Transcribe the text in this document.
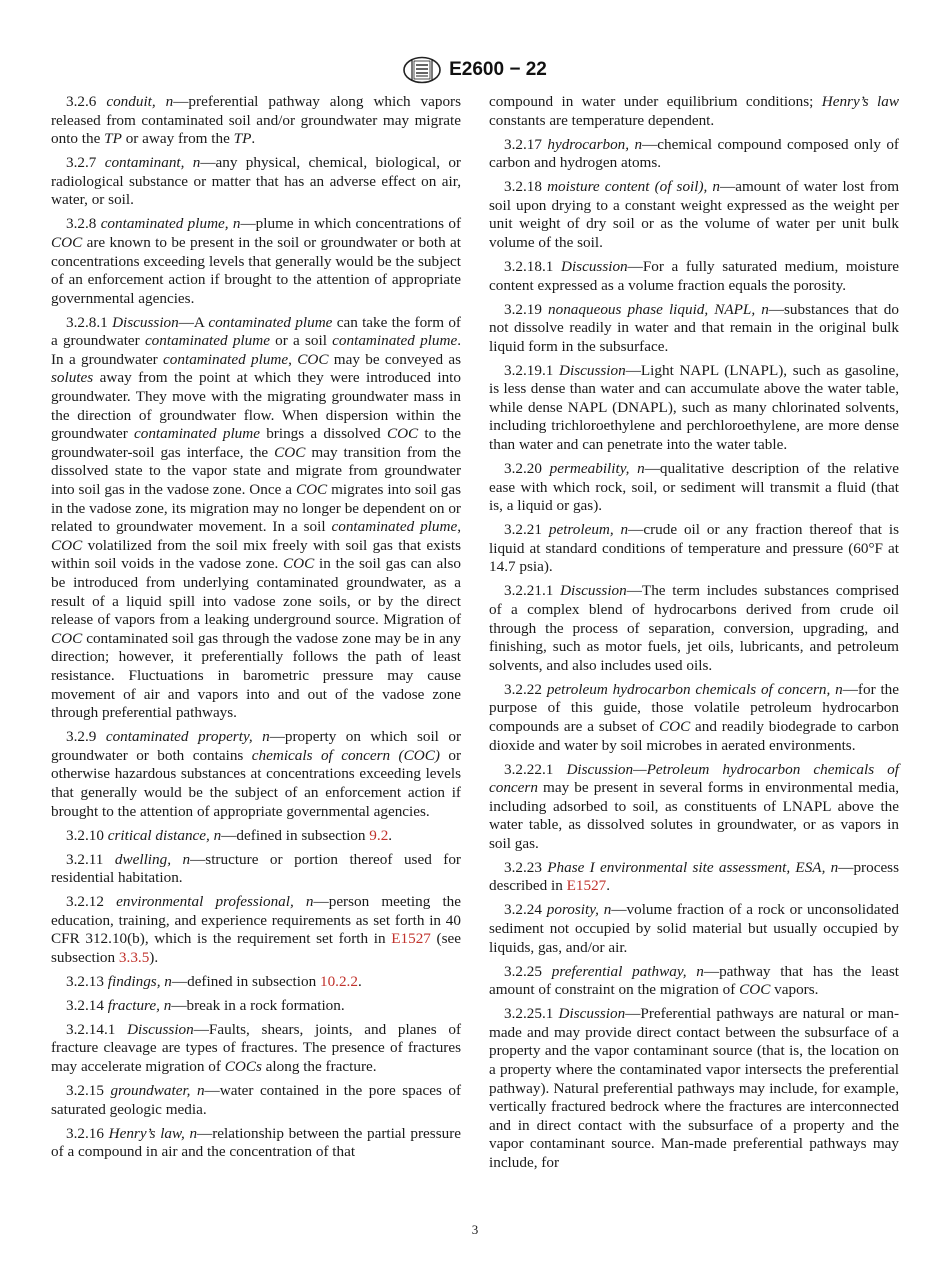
E2600 − 22

3.2.6 conduit, n—preferential pathway along which vapors released from contaminated soil and/or groundwater may migrate onto the TP or away from the TP.

3.2.7 contaminant, n—any physical, chemical, biological, or radiological substance or matter that has an adverse effect on air, water, or soil.

3.2.8 contaminated plume, n—plume in which concentrations of COC are known to be present in the soil or groundwater or both at concentrations exceeding levels that generally would be the subject of an enforcement action if brought to the attention of appropriate governmental agencies.

3.2.8.1 Discussion—A contaminated plume can take the form of a groundwater contaminated plume or a soil contaminated plume. In a groundwater contaminated plume, COC may be conveyed as solutes away from the point at which they were introduced into groundwater. They move with the migrating groundwater mass in the direction of groundwater flow. When dispersion within the groundwater contaminated plume brings a dissolved COC to the groundwater-soil gas interface, the COC may transition from the dissolved state to the vapor state and migrate from groundwater into soil gas in the vadose zone. Once a COC migrates into soil gas in the vadose zone, its migration may no longer be dependent on or related to groundwater movement. In a soil contaminated plume, COC volatilized from the soil mix freely with soil gas that exists within soil voids in the vadose zone. COC in the soil gas can also be introduced from underlying contaminated groundwater, as a result of a liquid spill into vadose zone soils, or by the direct release of vapors from a leaking underground source. Migration of COC contaminated soil gas through the vadose zone may be in any direction; however, it preferentially follows the path of least resistance. Fluctuations in barometric pressure may cause movement of air and vapors into and out of the vadose zone through preferential pathways.

3.2.9 contaminated property, n—property on which soil or groundwater or both contains chemicals of concern (COC) or otherwise hazardous substances at concentrations exceeding levels that generally would be the subject of an enforcement action if brought to the attention of appropriate governmental agencies.

3.2.10 critical distance, n—defined in subsection 9.2.

3.2.11 dwelling, n—structure or portion thereof used for residential habitation.

3.2.12 environmental professional, n—person meeting the education, training, and experience requirements as set forth in 40 CFR 312.10(b), which is the requirement set forth in E1527 (see subsection 3.3.5).

3.2.13 findings, n—defined in subsection 10.2.2.

3.2.14 fracture, n—break in a rock formation.

3.2.14.1 Discussion—Faults, shears, joints, and planes of fracture cleavage are types of fractures. The presence of fractures may accelerate migration of COCs along the fracture.

3.2.15 groundwater, n—water contained in the pore spaces of saturated geologic media.

3.2.16 Henry’s law, n—relationship between the partial pressure of a compound in air and the concentration of that

compound in water under equilibrium conditions; Henry’s law constants are temperature dependent.

3.2.17 hydrocarbon, n—chemical compound composed only of carbon and hydrogen atoms.

3.2.18 moisture content (of soil), n—amount of water lost from soil upon drying to a constant weight expressed as the weight per unit weight of dry soil or as the volume of water per unit bulk volume of the soil.

3.2.18.1 Discussion—For a fully saturated medium, moisture content expressed as a volume fraction equals the porosity.

3.2.19 nonaqueous phase liquid, NAPL, n—substances that do not dissolve readily in water and that remain in the original bulk liquid form in the subsurface.

3.2.19.1 Discussion—Light NAPL (LNAPL), such as gasoline, is less dense than water and can accumulate above the water table, while dense NAPL (DNAPL), such as many chlorinated solvents, including trichloroethylene and perchloroethylene, are more dense than water and can penetrate into the water table.

3.2.20 permeability, n—qualitative description of the relative ease with which rock, soil, or sediment will transmit a fluid (that is, a liquid or gas).

3.2.21 petroleum, n—crude oil or any fraction thereof that is liquid at standard conditions of temperature and pressure (60°F at 14.7 psia).

3.2.21.1 Discussion—The term includes substances comprised of a complex blend of hydrocarbons derived from crude oil through the process of separation, conversion, upgrading, and finishing, such as motor fuels, jet oils, lubricants, and petroleum solvents, and also includes used oils.

3.2.22 petroleum hydrocarbon chemicals of concern, n—for the purpose of this guide, those volatile petroleum hydrocarbon compounds are a subset of COC and readily biodegrade to carbon dioxide and water by soil microbes in aerated environments.

3.2.22.1 Discussion—Petroleum hydrocarbon chemicals of concern may be present in several forms in environmental media, including adsorbed to soil, as constituents of LNAPL above the water table, as dissolved solutes in groundwater, or as vapors in soil gas.

3.2.23 Phase I environmental site assessment, ESA, n—process described in E1527.

3.2.24 porosity, n—volume fraction of a rock or unconsolidated sediment not occupied by solid material but usually occupied by liquids, gas, and/or air.

3.2.25 preferential pathway, n—pathway that has the least amount of constraint on the migration of COC vapors.

3.2.25.1 Discussion—Preferential pathways are natural or man-made and may provide direct contact between the subsurface of a property and the vapor contaminant source (that is, the location on a property where the contaminated vapor intersects the preferential pathway). Natural preferential pathways may include, for example, vertically fractured bedrock where the fractures are interconnected and in direct contact with the subsurface of a property and the vapor contaminant source. Man-made preferential pathways may include, for

3
